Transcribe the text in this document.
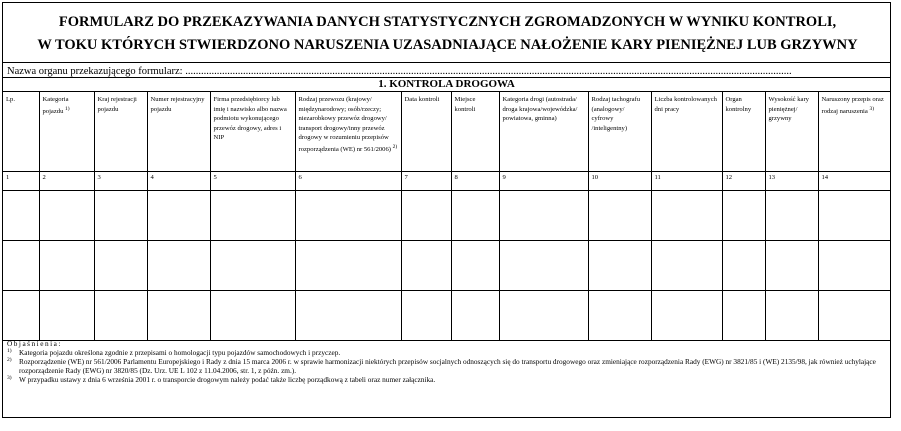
FORMULARZ DO PRZEKAZYWANIA DANYCH STATYSTYCZNYCH ZGROMADZONYCH W WYNIKU KONTROLI,
W TOKU KTÓRYCH STWIERDZONO NARUSZENIA UZASADNIAJĄCE NAŁOŻENIE KARY PIENIĘŻNEJ LUB GRZYWNY
Nazwa organu przekazującego formularz: .......................................................................................................................................................................................................................................
1. KONTROLA DROGOWA
Lp.	Kategoria pojazdu $^{1)}$	Kraj rejestracji pojazdu	Numer rejestracyjny pojazdu	Firma przedsiębiorcy lub imię i nazwisko albo nazwa podmiotu wykonującego przewóz drogowy, adres i NIP	Rodzaj przewozu (krajowy/ międzynarodowy; osób/rzeczy; niezarobkowy przewóz drogowy/ transport drogowy/inny przewóz drogowy w rozumieniu przepisów rozporządzenia (WE) nr 561/2006) $^{2)}$	Data kontroli	Miejsce kontroli	Kategoria drogi (autostrada/ droga krajowa/wojewódzka/ powiatowa, gminna)	Rodzaj tachografu (analogowy/ cyfrowy /inteligentny)	Liczba kontrolowanych dni pracy	Organ kontrolny	Wysokość kary pieniężnej/ grzywny	Naruszony przepis oraz rodzaj naruszenia $^{3)}$

1	2	3	4	5	6	7	8	9	10	11	12	13	14

Objaśnienia:
1)	Kategoria pojazdu określona zgodnie z przepisami o homologacji typu pojazdów samochodowych i przyczep.
2)	Rozporządzenie (WE) nr 561/2006 Parlamentu Europejskiego i Rady z dnia 15 marca 2006 r. w sprawie harmonizacji niektórych przepisów socjalnych odnoszących się do transportu drogowego oraz zmieniające rozporządzenia Rady (EWG) nr 3821/85 i (WE) 2135/98, jak również uchylające rozporządzenie Rady (EWG) nr 3820/85 (Dz. Urz. UE L 102 z 11.04.2006, str. 1, z późn. zm.).
3)	W przypadku ustawy z dnia 6 września 2001 r. o transporcie drogowym należy podać także liczbę porządkową z tabeli oraz numer załącznika.
